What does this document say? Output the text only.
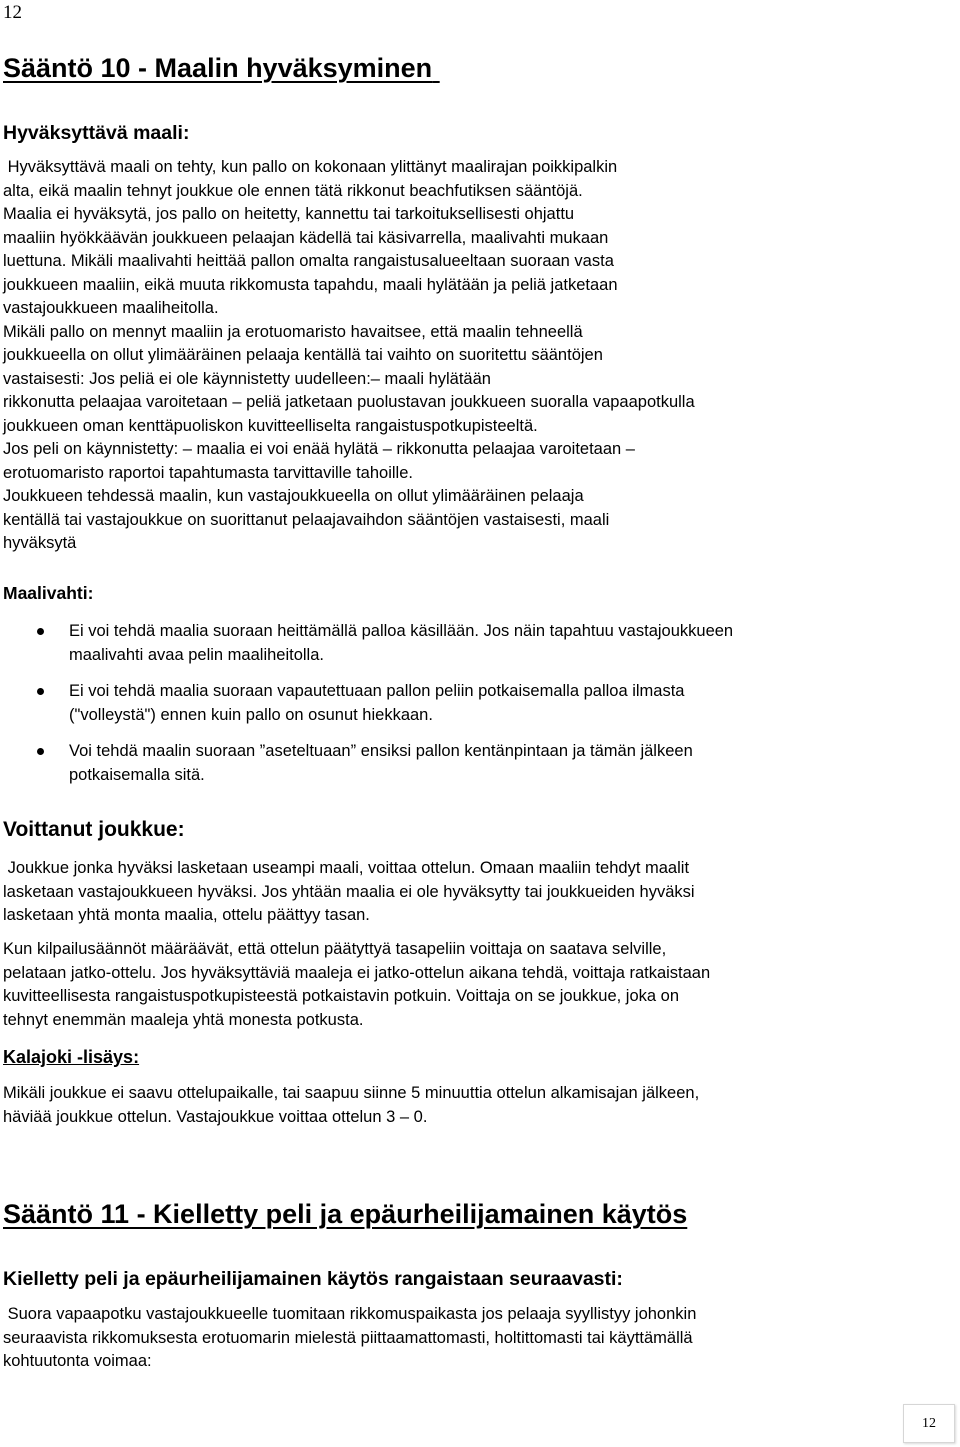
12
Sääntö 10 - Maalin hyväksyminen
Hyväksyttävä maali:
Hyväksyttävä maali on tehty, kun pallo on kokonaan ylittänyt maalirajan poikkipalkin
alta, eikä maalin tehnyt joukkue ole ennen tätä rikkonut beachfutiksen sääntöjä.
Maalia ei hyväksytä, jos pallo on heitetty, kannettu tai tarkoituksellisesti ohjattu
maaliin hyökkäävän joukkueen pelaajan kädellä tai käsivarrella, maalivahti mukaan
luettuna. Mikäli maalivahti heittää pallon omalta rangaistusalueeltaan suoraan vasta
joukkueen maaliin, eikä muuta rikkomusta tapahdu, maali hylätään ja peliä jatketaan
vastajoukkueen maaliheitolla.
Mikäli pallo on mennyt maaliin ja erotuomaristo havaitsee, että maalin tehneellä
joukkueella on ollut ylimääräinen pelaaja kentällä tai vaihto on suoritettu sääntöjen
vastaisesti: Jos peliä ei ole käynnistetty uudelleen:– maali hylätään
rikkonutta pelaajaa varoitetaan – peliä jatketaan puolustavan joukkueen suoralla vapaapotkulla
joukkueen oman kenttäpuoliskon kuvitteelliselta rangaistuspotkupisteeltä.
Jos peli on käynnistetty: – maalia ei voi enää hylätä – rikkonutta pelaajaa varoitetaan –
erotuomaristo raportoi tapahtumasta tarvittaville tahoille.
Joukkueen tehdessä maalin, kun vastajoukkueella on ollut ylimääräinen pelaaja
kentällä tai vastajoukkue on suorittanut pelaajavaihdon sääntöjen vastaisesti, maali
hyväksytä
Maalivahti:
Ei voi tehdä maalia suoraan heittämällä palloa käsillään. Jos näin tapahtuu vastajoukkueen
maalivahti avaa pelin maaliheitolla.
Ei voi tehdä maalia suoraan vapautettuaan pallon peliin potkaisemalla palloa ilmasta
("volleystä") ennen kuin pallo on osunut hiekkaan.
Voi tehdä maalin suoraan ”aseteltuaan” ensiksi pallon kentänpintaan ja tämän jälkeen
potkaisemalla sitä.
Voittanut joukkue:
Joukkue jonka hyväksi lasketaan useampi maali, voittaa ottelun. Omaan maaliin tehdyt maalit
lasketaan vastajoukkueen hyväksi. Jos yhtään maalia ei ole hyväksytty tai joukkueiden hyväksi
lasketaan yhtä monta maalia, ottelu päättyy tasan.
Kun kilpailusäännöt määräävät, että ottelun päätyttyä tasapeliin voittaja on saatava selville,
pelataan jatko-ottelu. Jos hyväksyttäviä maaleja ei jatko-ottelun aikana tehdä, voittaja ratkaistaan
kuvitteellisesta rangaistuspotkupisteestä potkaistavin potkuin. Voittaja on se joukkue, joka on
tehnyt enemmän maaleja yhtä monesta potkusta.
Kalajoki -lisäys:
Mikäli joukkue ei saavu ottelupaikalle, tai saapuu siinne 5 minuuttia ottelun alkamisajan jälkeen,
häviää joukkue ottelun. Vastajoukkue voittaa ottelun 3 – 0.
Sääntö 11 - Kielletty peli ja epäurheilijamainen käytös
Kielletty peli ja epäurheilijamainen käytös rangaistaan seuraavasti:
Suora vapaapotku vastajoukkueelle tuomitaan rikkomuspaikasta jos pelaaja syyllistyy johonkin
seuraavista rikkomuksesta erotuomarin mielestä piittaamattomasti, holtittomasti tai käyttämällä
kohtuutonta voimaa:
12
